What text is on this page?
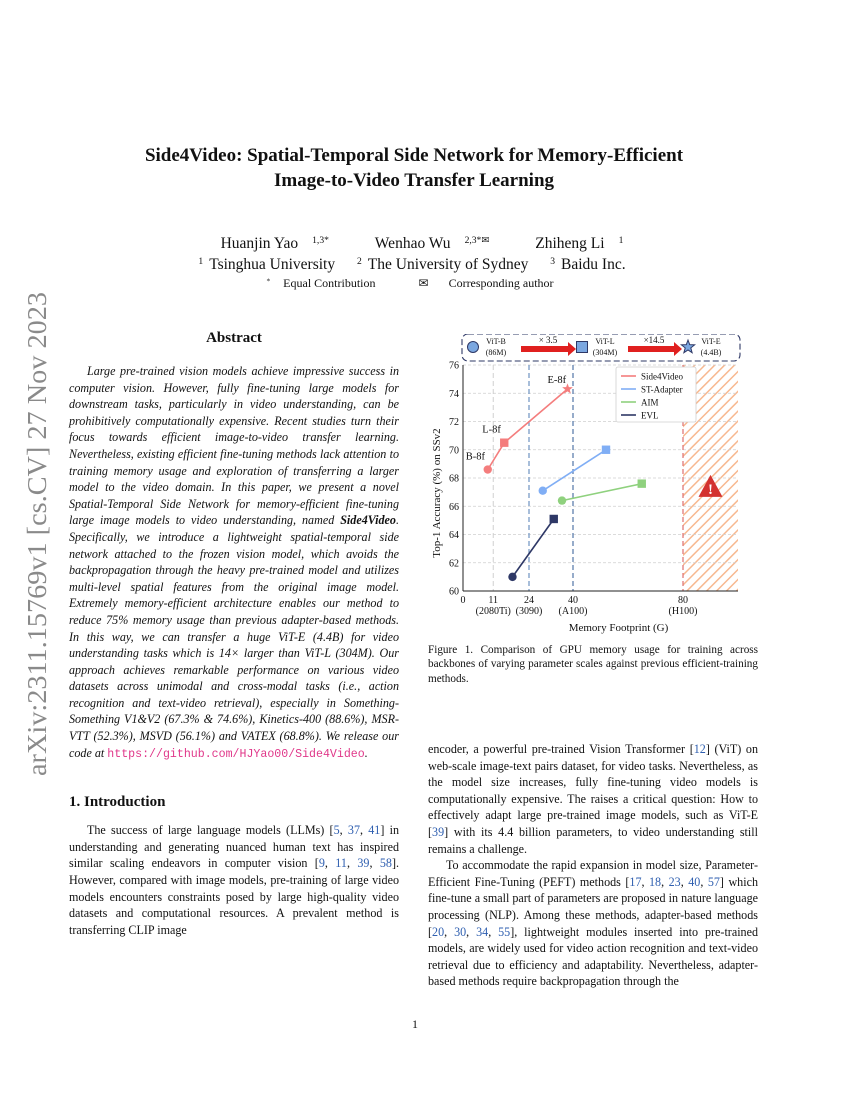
arXiv:2311.15769v1 [cs.CV] 27 Nov 2023
Side4Video: Spatial-Temporal Side Network for Memory-Efficient
Image-to-Video Transfer Learning
Huanjin Yao $^{1,3*}$	Wenhao Wu $^{2,3*✉}$	Zhiheng Li $^1$
$^1$ Tsinghua University $^2$ The University of Sydney $^3$ Baidu Inc.
* Equal Contribution	✉ Corresponding author
Abstract

Large pre-trained vision models achieve impressive success in computer vision. However, fully fine-tuning large models for downstream tasks, particularly in video understanding, can be prohibitively computationally expensive. Recent studies turn their focus towards efficient image-to-video transfer learning. Nevertheless, existing efficient fine-tuning methods lack attention to training memory usage and exploration of transferring a larger model to the video domain. In this paper, we present a novel Spatial-Temporal Side Network for memory-efficient fine-tuning large image models to video understanding, named Side4Video. Specifically, we introduce a lightweight spatial-temporal side network attached to the frozen vision model, which avoids the backpropagation through the heavy pre-trained model and utilizes multi-level spatial features from the original image model. Extremely memory-efficient architecture enables our method to reduce 75% memory usage than previous adapter-based methods. In this way, we can transfer a huge ViT-E (4.4B) for video understanding tasks which is 14× larger than ViT-L (304M). Our approach achieves remarkable performance on various video datasets across unimodal and cross-modal tasks (i.e., action recognition and text-video retrieval), especially in Something-Something V1&V2 (67.3% & 74.6%), Kinetics-400 (88.6%), MSR-VTT (52.3%), MSVD (56.1%) and VATEX (68.8%). We release our code at https://github.com/HJYao00/Side4Video.

1. Introduction

The success of large language models (LLMs) [5, 37, 41] in understanding and generating nuanced human text has inspired similar scaling endeavors in computer vision [9, 11, 39, 58]. However, compared with image models, pre-training of large video models encounters constraints posed by large high-quality video datasets and computational resources. A prevalent method is transferring CLIP image

60
62
64
66
68
70
72
74
76
0 11
(2080Ti)
24
(3090)
40
(A100)
80
(H100)
Memory Footprint (G)
Top-1 Accuracy (%) on SSv2 B-8f
L-8f
E-8f	Side4Video
ST-Adapter
AIM
EVL
!
ViT-B
(86M)
ViT-L
(304M)
ViT-E
(4.4B)
× 3.5	×14.5

Figure 1. Comparison of GPU memory usage for training across backbones of varying parameter scales against previous efficient-training methods.

encoder, a powerful pre-trained Vision Transformer [12] (ViT) on web-scale image-text pairs dataset, for video tasks. Nevertheless, as the model size increases, fully fine-tuning video models is computationally expensive. The raises a critical question: How to effectively adapt large pre-trained image models, such as ViT-E [39] with its 4.4 billion parameters, to video understanding still remains a challenge.

To accommodate the rapid expansion in model size, Parameter-Efficient Fine-Tuning (PEFT) methods [17, 18, 23, 40, 57] which fine-tune a small part of parameters are proposed in nature language processing (NLP). Among these methods, adapter-based methods [20, 30, 34, 55], lightweight modules inserted into pre-trained models, are widely used for video action recognition and text-video retrieval due to efficiency and adaptability. Nevertheless, adapter-based methods require backpropagation through the

1
